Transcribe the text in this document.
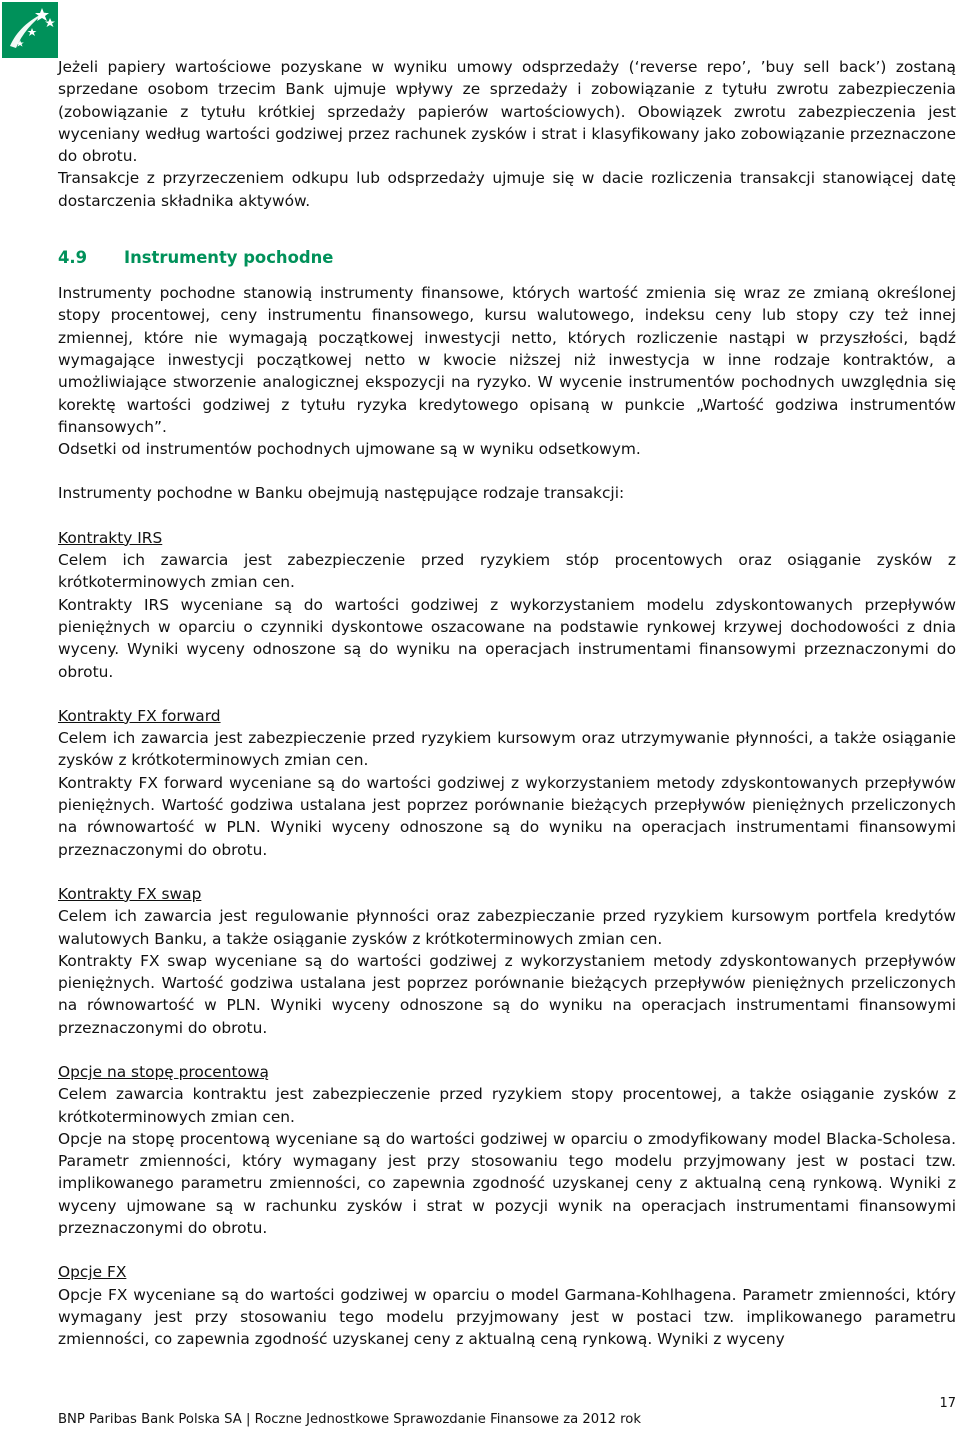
Jeżeli papiery wartościowe pozyskane w wyniku umowy odsprzedaży (‘reverse repo’, ’buy sell back’) zostaną sprzedane osobom trzecim Bank ujmuje wpływy ze sprzedaży i zobowiązanie z tytułu zwrotu zabezpieczenia (zobowiązanie z tytułu krótkiej sprzedaży papierów wartościowych). Obowiązek zwrotu zabezpieczenia jest wyceniany według wartości godziwej przez rachunek zysków i strat i klasyfikowany jako zobowiązanie przeznaczone do obrotu.

Transakcje z przyrzeczeniem odkupu lub odsprzedaży ujmuje się w dacie rozliczenia transakcji stanowiącej datę dostarczenia składnika aktywów.

4.9 Instrumenty pochodne

Instrumenty pochodne stanowią instrumenty finansowe, których wartość zmienia się wraz ze zmianą określonej stopy procentowej, ceny instrumentu finansowego, kursu walutowego, indeksu ceny lub stopy czy też innej zmiennej, które nie wymagają początkowej inwestycji netto, których rozliczenie nastąpi w przyszłości, bądź wymagające inwestycji początkowej netto w kwocie niższej niż inwestycja w inne rodzaje kontraktów, a umożliwiające stworzenie analogicznej ekspozycji na ryzyko. W wycenie instrumentów pochodnych uwzględnia się korektę wartości godziwej z tytułu ryzyka kredytowego opisaną w punkcie „Wartość godziwa instrumentów finansowych”.

Odsetki od instrumentów pochodnych ujmowane są w wyniku odsetkowym.

Instrumenty pochodne w Banku obejmują następujące rodzaje transakcji:

Kontrakty IRS

Celem ich zawarcia jest zabezpieczenie przed ryzykiem stóp procentowych oraz osiąganie zysków z krótkoterminowych zmian cen.

Kontrakty IRS wyceniane są do wartości godziwej z wykorzystaniem modelu zdyskontowanych przepływów pieniężnych w oparciu o czynniki dyskontowe oszacowane na podstawie rynkowej krzywej dochodowości z dnia wyceny. Wyniki wyceny odnoszone są do wyniku na operacjach instrumentami finansowymi przeznaczonymi do obrotu.

Kontrakty FX forward

Celem ich zawarcia jest zabezpieczenie przed ryzykiem kursowym oraz utrzymywanie płynności, a także osiąganie zysków z krótkoterminowych zmian cen.

Kontrakty FX forward wyceniane są do wartości godziwej z wykorzystaniem metody zdyskontowanych przepływów pieniężnych. Wartość godziwa ustalana jest poprzez porównanie bieżących przepływów pieniężnych przeliczonych na równowartość w PLN. Wyniki wyceny odnoszone są do wyniku na operacjach instrumentami finansowymi przeznaczonymi do obrotu.

Kontrakty FX swap

Celem ich zawarcia jest regulowanie płynności oraz zabezpieczanie przed ryzykiem kursowym portfela kredytów walutowych Banku, a także osiąganie zysków z krótkoterminowych zmian cen.

Kontrakty FX swap wyceniane są do wartości godziwej z wykorzystaniem metody zdyskontowanych przepływów pieniężnych. Wartość godziwa ustalana jest poprzez porównanie bieżących przepływów pieniężnych przeliczonych na równowartość w PLN. Wyniki wyceny odnoszone są do wyniku na operacjach instrumentami finansowymi przeznaczonymi do obrotu.

Opcje na stopę procentową

Celem zawarcia kontraktu jest zabezpieczenie przed ryzykiem stopy procentowej, a także osiąganie zysków z krótkoterminowych zmian cen.

Opcje na stopę procentową wyceniane są do wartości godziwej w oparciu o zmodyfikowany model Blacka-Scholesa. Parametr zmienności, który wymagany jest przy stosowaniu tego modelu przyjmowany jest w postaci tzw. implikowanego parametru zmienności, co zapewnia zgodność uzyskanej ceny z aktualną ceną rynkową. Wyniki z wyceny ujmowane są w rachunku zysków i strat w pozycji wynik na operacjach instrumentami finansowymi przeznaczonymi do obrotu.

Opcje FX

Opcje FX wyceniane są do wartości godziwej w oparciu o model Garmana-Kohlhagena. Parametr zmienności, który wymagany jest przy stosowaniu tego modelu przyjmowany jest w postaci tzw. implikowanego parametru zmienności, co zapewnia zgodność uzyskanej ceny z aktualną ceną rynkową. Wyniki z wyceny

17
BNP Paribas Bank Polska SA | Roczne Jednostkowe Sprawozdanie Finansowe za 2012 rok
